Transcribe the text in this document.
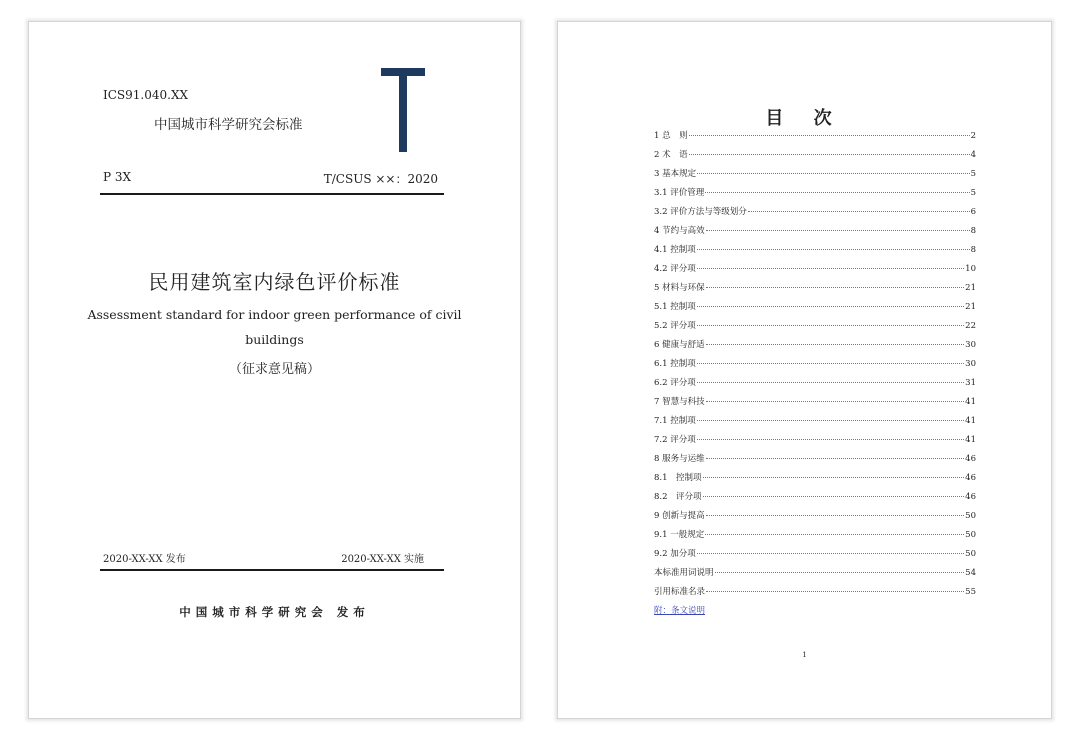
ICS91.040.XX
中国城市科学研究会标准
P 3X	T/CSUS ××：2020
民用建筑室内绿色评价标准
Assessment standard for indoor green performance of civil
buildings
（征求意见稿）
2020-XX-XX 发布	2020-XX-XX 实施
中国城市科学研究会 发布
目 次
1 总　则	2
2 术　语	4
3 基本规定	5
3.1 评价管理	5
3.2 评价方法与等级划分	6
4 节约与高效	8
4.1 控制项	8
4.2 评分项	10
5 材料与环保	21
5.1 控制项	21
5.2 评分项	22
6 健康与舒适	30
6.1 控制项	30
6.2 评分项	31
7 智慧与科技	41
7.1 控制项	41
7.2 评分项	41
8 服务与运维	46
8.1　控制项	46
8.2　评分项	46
9 创新与提高	50
9.1 一般规定	50
9.2 加分项	50
本标准用词说明	54
引用标准名录	55
附：条文说明
1
